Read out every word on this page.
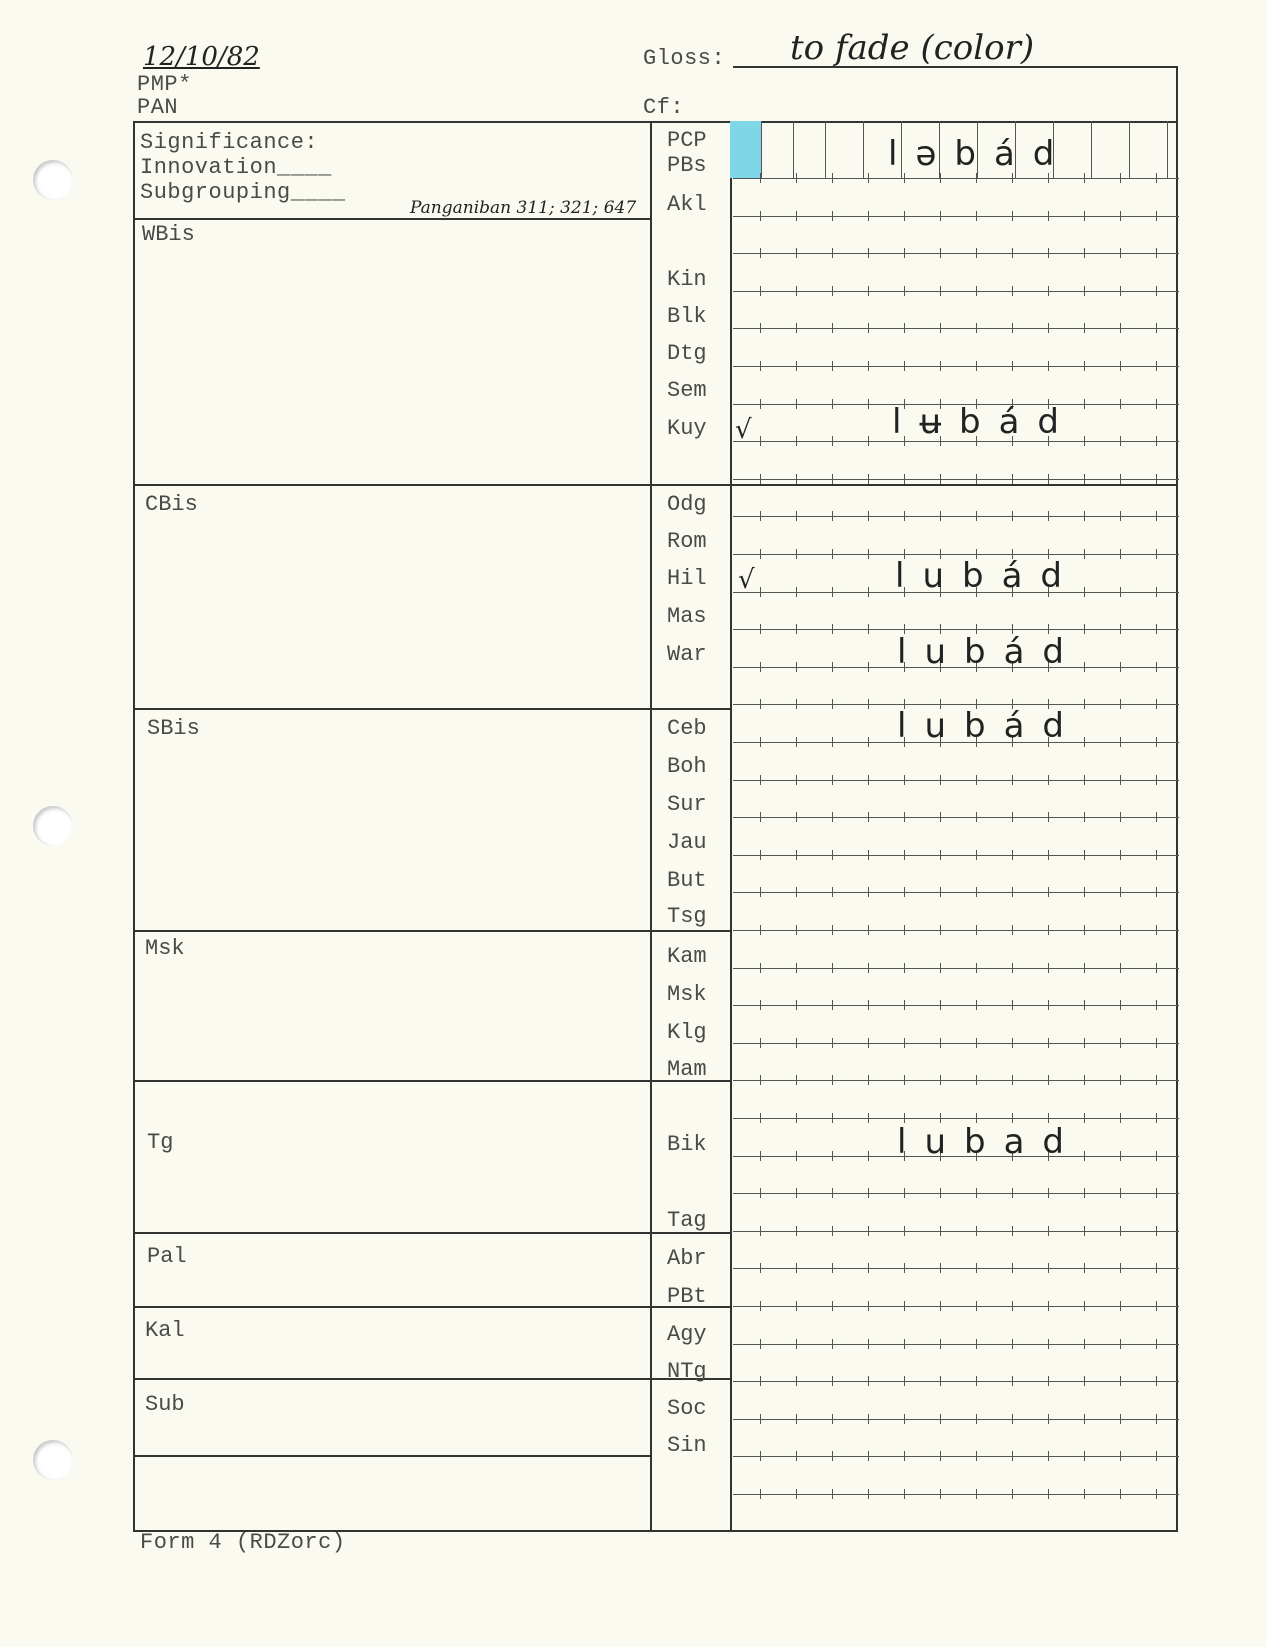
12/10/82
PMP*
PAN
Gloss: to fade (color)
Cf:
Significance:
Innovation____
Subgrouping____
Panganiban 311; 321; 647
WBis
CBis
SBis
Msk
Tg
Pal
Kal
Sub
PCP
PBs
Akl
Kin
Blk
Dtg
Sem
Kuy
Odg
Rom
Hil
Mas
War
Ceb
Boh
Sur
Jau
But
Tsg
Kam
Msk
Klg
Mam
Bik
Tag
Abr
PBt
Agy
NTg
Soc
Sin
ləbád
√	lʉbád
√	lubád
lubád
lubád
lubad
Form 4 (RDZorc)
